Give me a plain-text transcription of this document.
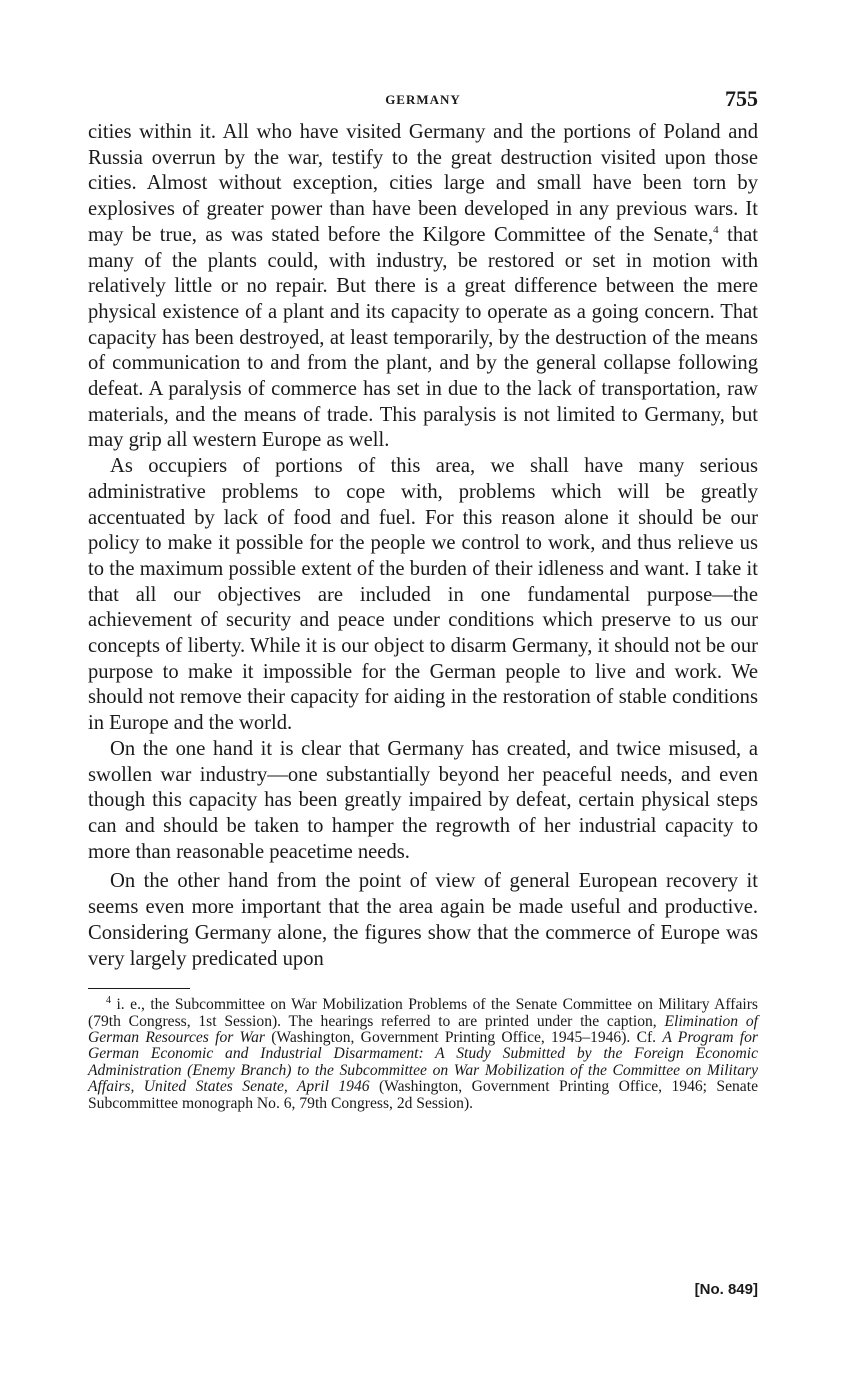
GERMANY	755

cities within it. All who have visited Germany and the portions of Poland and Russia overrun by the war, testify to the great destruction visited upon those cities. Almost without exception, cities large and small have been torn by explosives of greater power than have been developed in any previous wars. It may be true, as was stated before the Kilgore Committee of the Senate,$^4$ that many of the plants could, with industry, be restored or set in motion with relatively little or no repair. But there is a great difference between the mere physical existence of a plant and its capacity to operate as a going concern. That capacity has been destroyed, at least temporarily, by the destruction of the means of communication to and from the plant, and by the general collapse following defeat. A paralysis of commerce has set in due to the lack of transportation, raw materials, and the means of trade. This paralysis is not limited to Germany, but may grip all western Europe as well.

As occupiers of portions of this area, we shall have many serious administrative problems to cope with, problems which will be greatly accentuated by lack of food and fuel. For this reason alone it should be our policy to make it possible for the people we control to work, and thus relieve us to the maximum possible extent of the burden of their idleness and want. I take it that all our objectives are included in one fundamental purpose—the achievement of security and peace under conditions which preserve to us our concepts of liberty. While it is our object to disarm Germany, it should not be our purpose to make it impossible for the German people to live and work. We should not remove their capacity for aiding in the restoration of stable conditions in Europe and the world.

On the one hand it is clear that Germany has created, and twice misused, a swollen war industry—one substantially beyond her peaceful needs, and even though this capacity has been greatly impaired by defeat, certain physical steps can and should be taken to hamper the regrowth of her industrial capacity to more than reasonable peacetime needs.

On the other hand from the point of view of general European recovery it seems even more important that the area again be made useful and productive. Considering Germany alone, the figures show that the commerce of Europe was very largely predicated upon

$^4$ i. e., the Subcommittee on War Mobilization Problems of the Senate Committee on Military Affairs (79th Congress, 1st Session). The hearings referred to are printed under the caption, Elimination of German Resources for War (Washington, Government Printing Office, 1945–1946). Cf. A Program for German Economic and Industrial Disarmament: A Study Submitted by the Foreign Economic Administration (Enemy Branch) to the Subcommittee on War Mobilization of the Committee on Military Affairs, United States Senate, April 1946 (Washington, Government Printing Office, 1946; Senate Subcommittee monograph No. 6, 79th Congress, 2d Session).
[No. 849]
